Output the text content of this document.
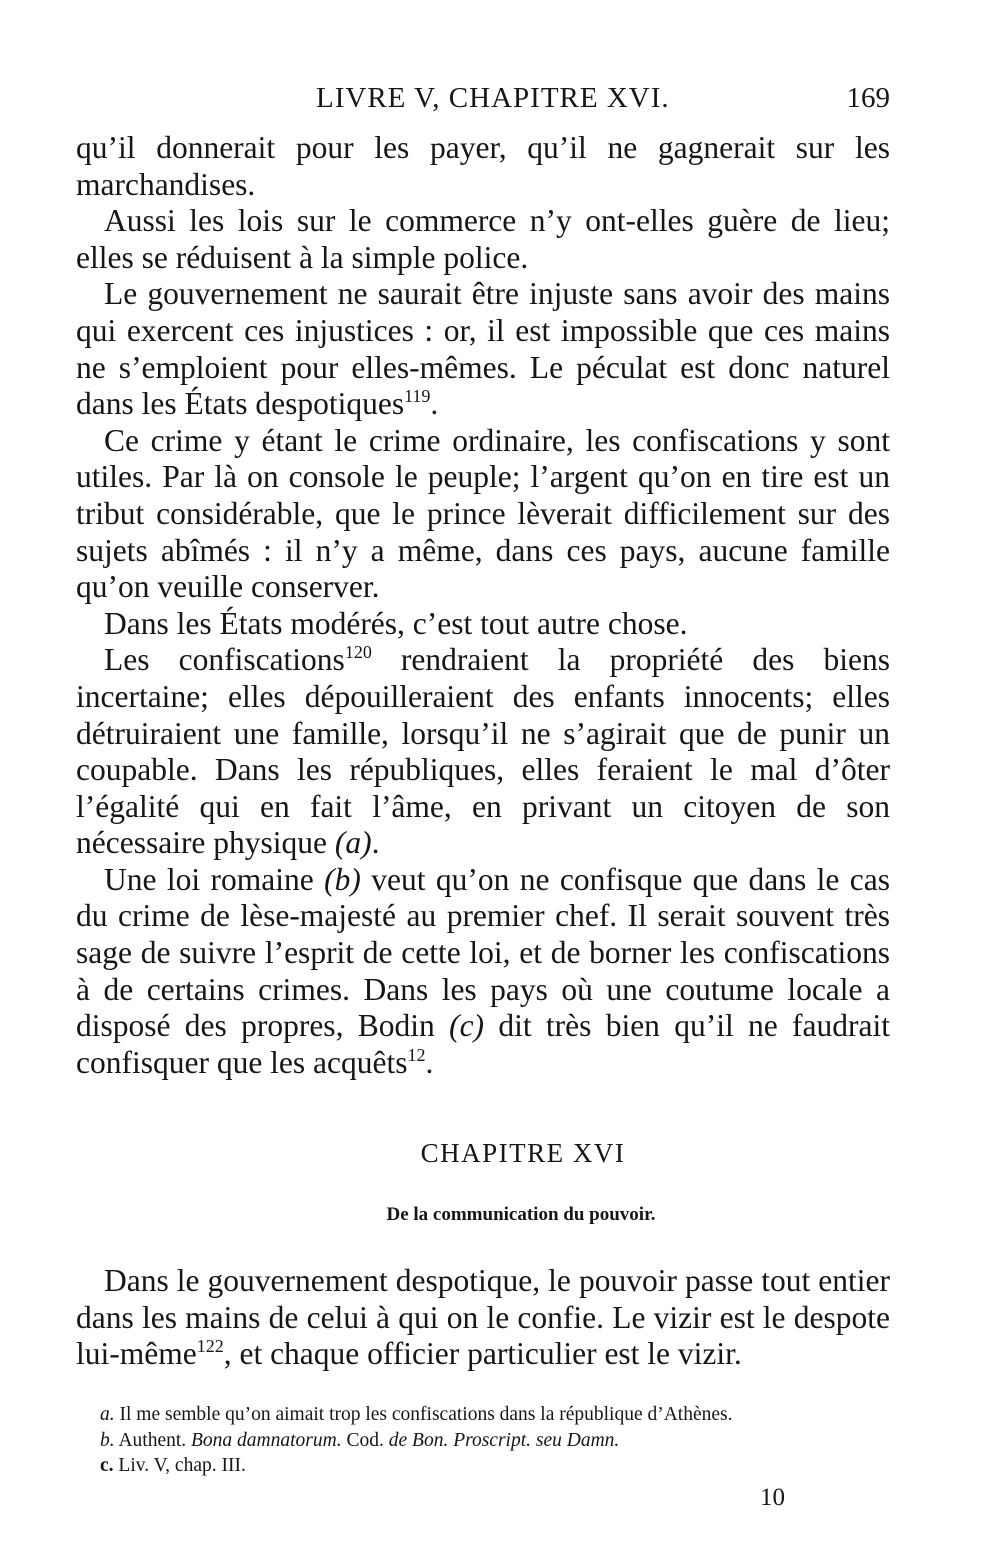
LIVRE V, CHAPITRE XVI.	169

qu’il donnerait pour les payer, qu’il ne gagnerait sur les marchandises.

Aussi les lois sur le commerce n’y ont-elles guère de lieu; elles se réduisent à la simple police.

Le gouvernement ne saurait être injuste sans avoir des mains qui exercent ces injustices : or, il est impossible que ces mains ne s’emploient pour elles-mêmes. Le péculat est donc naturel dans les États despotiques$^{119}$.

Ce crime y étant le crime ordinaire, les confiscations y sont utiles. Par là on console le peuple; l’argent qu’on en tire est un tribut considérable, que le prince lèverait difficilement sur des sujets abîmés : il n’y a même, dans ces pays, aucune famille qu’on veuille conserver.

Dans les États modérés, c’est tout autre chose.

Les confiscations$^{120}$ rendraient la propriété des biens incertaine; elles dépouilleraient des enfants innocents; elles détruiraient une famille, lorsqu’il ne s’agirait que de punir un coupable. Dans les républiques, elles feraient le mal d’ôter l’égalité qui en fait l’âme, en privant un citoyen de son nécessaire physique (a).

Une loi romaine (b) veut qu’on ne confisque que dans le cas du crime de lèse-majesté au premier chef. Il serait souvent très sage de suivre l’esprit de cette loi, et de borner les confiscations à de certains crimes. Dans les pays où une coutume locale a disposé des propres, Bodin (c) dit très bien qu’il ne faudrait confisquer que les acquêts$^{12}$.

CHAPITRE XVI
De la communication du pouvoir.

Dans le gouvernement despotique, le pouvoir passe tout entier dans les mains de celui à qui on le confie. Le vizir est le despote lui-même$^{122}$, et chaque officier particulier est le vizir.

a. Il me semble qu’on aimait trop les confiscations dans la république d’Athènes.

b. Authent. Bona damnatorum. Cod. de Bon. Proscript. seu Damn.

c. Liv. V, chap. III.

10
